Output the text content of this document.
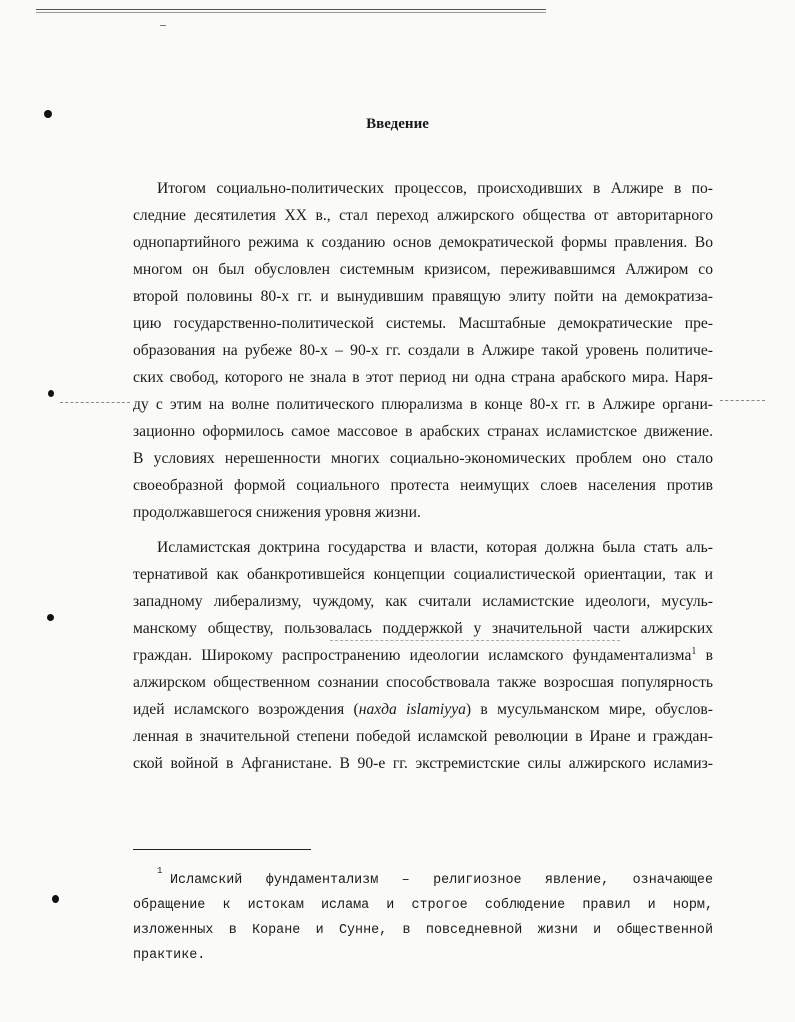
Введение
Итогом социально-политических процессов, происходивших в Алжире в по-
следние десятилетия XX в., стал переход алжирского общества от авторитарного
однопартийного режима к созданию основ демократической формы правления. Во
многом он был обусловлен системным кризисом, переживавшимся Алжиром со
второй половины 80-х гг. и вынудившим правящую элиту пойти на демократиза-
цию государственно-политической системы. Масштабные демократические пре-
образования на рубеже 80-х – 90-х гг. создали в Алжире такой уровень политиче-
ских свобод, которого не знала в этот период ни одна страна арабского мира. Наря-
ду с этим на волне политического плюрализма в конце 80-х гг. в Алжире органи-
зационно оформилось самое массовое в арабских странах исламистское движение.
В условиях нерешенности многих социально-экономических проблем оно стало
своеобразной формой социального протеста неимущих слоев населения против
продолжавшегося снижения уровня жизни.
Исламистская доктрина государства и власти, которая должна была стать аль-
тернативой как обанкротившейся концепции социалистической ориентации, так и
западному либерализму, чуждому, как считали исламистские идеологи, мусуль-
манскому обществу, пользовалась поддержкой у значительной части алжирских
граждан. Широкому распространению идеологии исламского фундаментализма$^1$ в
алжирском общественном сознании способствовала также возросшая популярность
идей исламского возрождения (нахда islamiyya) в мусульманском мире, обуслов-
ленная в значительной степени победой исламской революции в Иране и граждан-
ской войной в Афганистане. В 90-е гг. экстремистские силы алжирского исламиз-
1
Исламский фундаментализм – религиозное явление, означающее
обращение к истокам ислама и строгое соблюдение правил и норм,
изложенных в Коране и Сунне, в повседневной жизни и общественной
практике.
